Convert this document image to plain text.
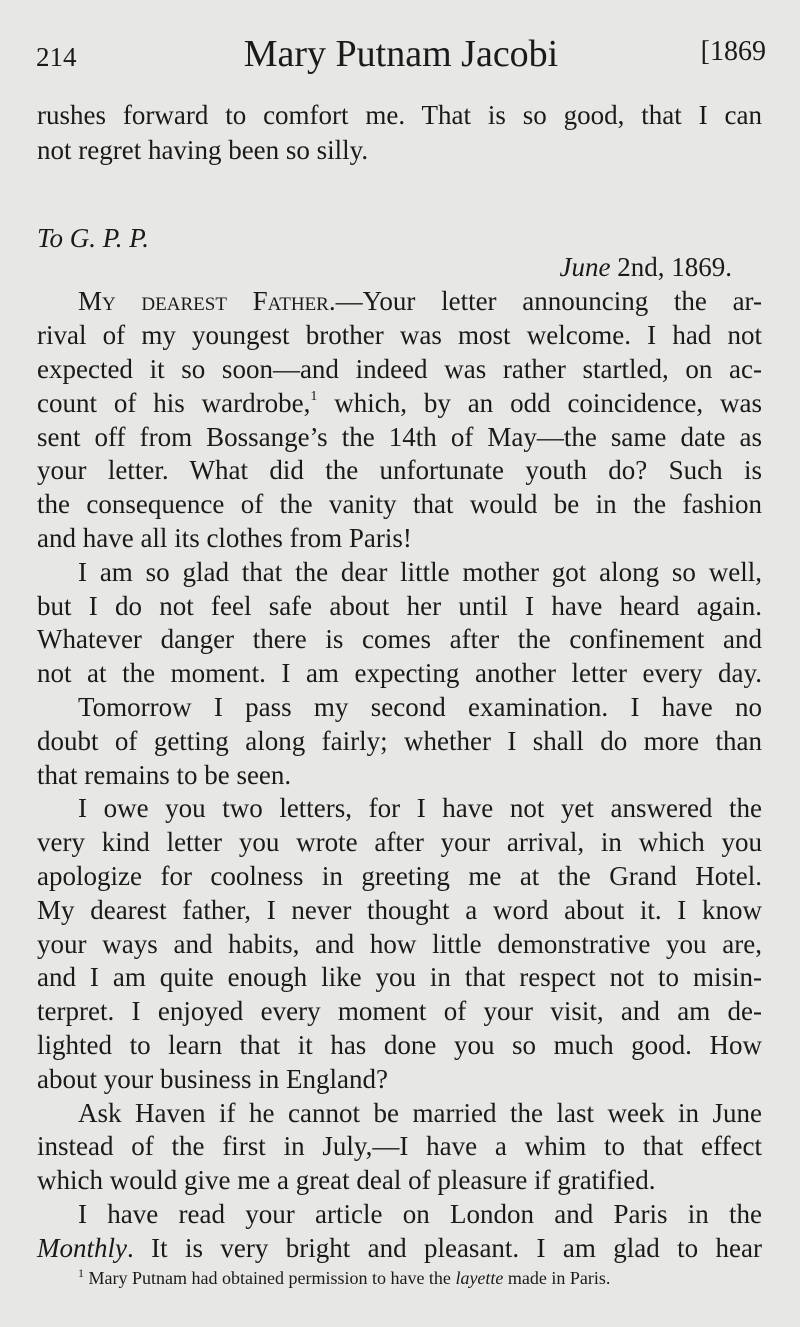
214	Mary Putnam Jacobi	[1869
rushes forward to comfort me. That is so good, that I can
not regret having been so silly.
To G. P. P.
June 2nd, 1869.
My dearest Father.—Your letter announcing the ar-
rival of my youngest brother was most welcome. I had not
expected it so soon—and indeed was rather startled, on ac-
count of his wardrobe,$^1$ which, by an odd coincidence, was
sent off from Bossange’s the 14th of May—the same date as
your letter. What did the unfortunate youth do? Such is
the consequence of the vanity that would be in the fashion
and have all its clothes from Paris!
I am so glad that the dear little mother got along so well,
but I do not feel safe about her until I have heard again.
Whatever danger there is comes after the confinement and
not at the moment. I am expecting another letter every day.
Tomorrow I pass my second examination. I have no
doubt of getting along fairly; whether I shall do more than
that remains to be seen.
I owe you two letters, for I have not yet answered the
very kind letter you wrote after your arrival, in which you
apologize for coolness in greeting me at the Grand Hotel.
My dearest father, I never thought a word about it. I know
your ways and habits, and how little demonstrative you are,
and I am quite enough like you in that respect not to misin-
terpret. I enjoyed every moment of your visit, and am de-
lighted to learn that it has done you so much good. How
about your business in England?
Ask Haven if he cannot be married the last week in June
instead of the first in July,—I have a whim to that effect
which would give me a great deal of pleasure if gratified.
I have read your article on London and Paris in the
Monthly. It is very bright and pleasant. I am glad to hear
$^1$ Mary Putnam had obtained permission to have the layette made in Paris.
